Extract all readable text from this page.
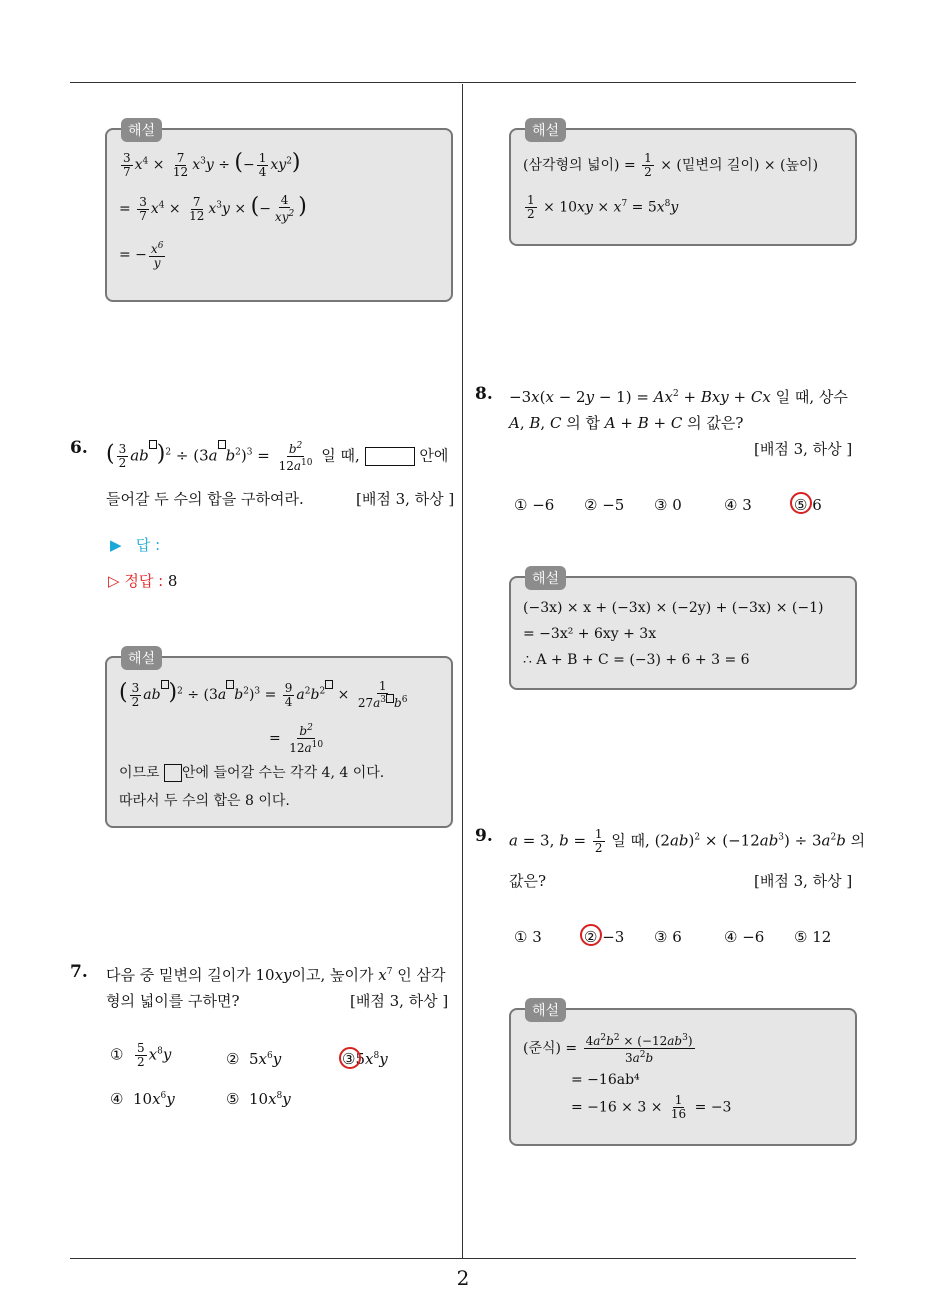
해설
$\frac{3}{7} x^4 \times \frac{7}{12} x^3y$ ÷ (− $\frac{1}{4} xy^2$)
= $\frac{3}{7} x^4 \times \frac{7}{12} x^3y$ × (− $\frac{4}{xy^2}$ )
= − $\frac{x^6}{y}$
6. ( $\frac{3}{2}$ ab )$^2$ ÷ (3a $b^2)^3 = \frac{b^2}{12a^{10}}$ 일 때,	안에
들어갈 두 수의 합을 구하여라.	[배점 3, 하상 ]
▶ 답 :
▷ 정답 : 8
해설
( $\frac{3}{2}$ ab )$^2$ ÷ (3a $b^2)^3 = \frac{9}{4} a^2b^2 \times \frac{1}{27a^3 b^6}$
= $\frac{b^2}{12a^{10}}$
이므로 안에 들어갈 수는 각각 4, 4 이다.
따라서 두 수의 합은 8 이다.
7. 다음 중 밑변의 길이가 10xy이고, 높이가 $x^7$ 인 삼각
형의 넓이를 구하면?	[배점 3, 하상 ]
① $\frac{5}{2} x^8y$	②  $5x^6y$	$③5x^8y$
④  $10x^6y$	⑤  $10x^8y$
해설
(삼각형의 넓이) = $\frac{1}{2}$ × (밑변의 길이) × (높이)
$\frac{1}{2} \times 10xy \times x^7 = 5x^8y$
8. $-3x(x - 2y - 1) = Ax^2$ + Bxy + Cx 일 때, 상수
A, B, C 의 합 A + B + C 의 값은?
[배점 3, 하상 ]
① −6 ② −5 ③ 0	④ 3	⑤ 6
해설
(−3x) × x + (−3x) × (−2y) + (−3x) × (−1)
= −3x² + 6xy + 3x
∴ A + B + C = (−3) + 6 + 3 = 6
9. a = 3, $b = \frac{1}{2}$ 일 때, $(2ab)^2 \times (-12ab^3) \div 3a^2b$ 의
값은?	[배점 3, 하상 ]
① 3	② −3 ③ 6	④ −6 ⑤ 12
해설
(준식) = $\frac{4a^2b^2 \times (-12ab^3)}{3a^2b}$
= −16ab⁴
= $-16 \times 3 \times \frac{1}{16} = -3$
2
